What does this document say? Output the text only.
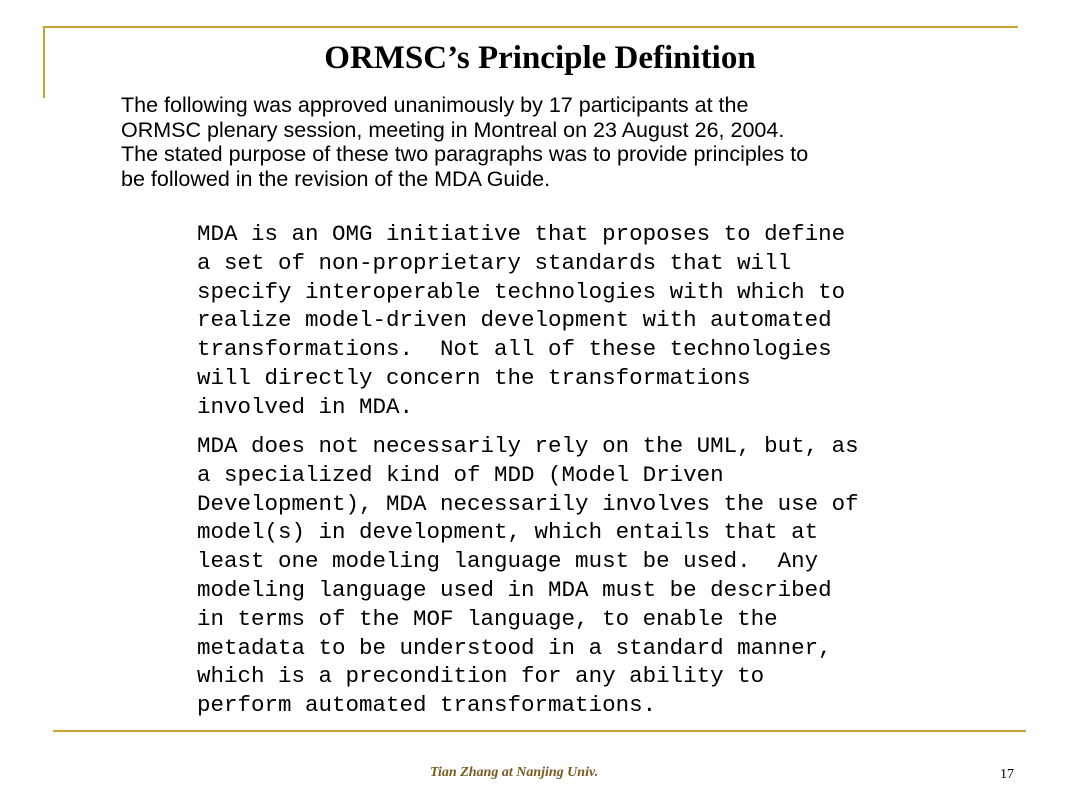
ORMSC’s Principle Definition
The following was approved unanimously by 17 participants at the
ORMSC plenary session, meeting in Montreal on 23 August 26, 2004.
The stated purpose of these two paragraphs was to provide principles to
be followed in the revision of the MDA Guide.
MDA is an OMG initiative that proposes to define
a set of non-proprietary standards that will
specify interoperable technologies with which to
realize model-driven development with automated
transformations.  Not all of these technologies
will directly concern the transformations
involved in MDA.
MDA does not necessarily rely on the UML, but, as
a specialized kind of MDD (Model Driven
Development), MDA necessarily involves the use of
model(s) in development, which entails that at
least one modeling language must be used.  Any
modeling language used in MDA must be described
in terms of the MOF language, to enable the
metadata to be understood in a standard manner,
which is a precondition for any ability to
perform automated transformations.
Tian Zhang at Nanjing Univ.	17
